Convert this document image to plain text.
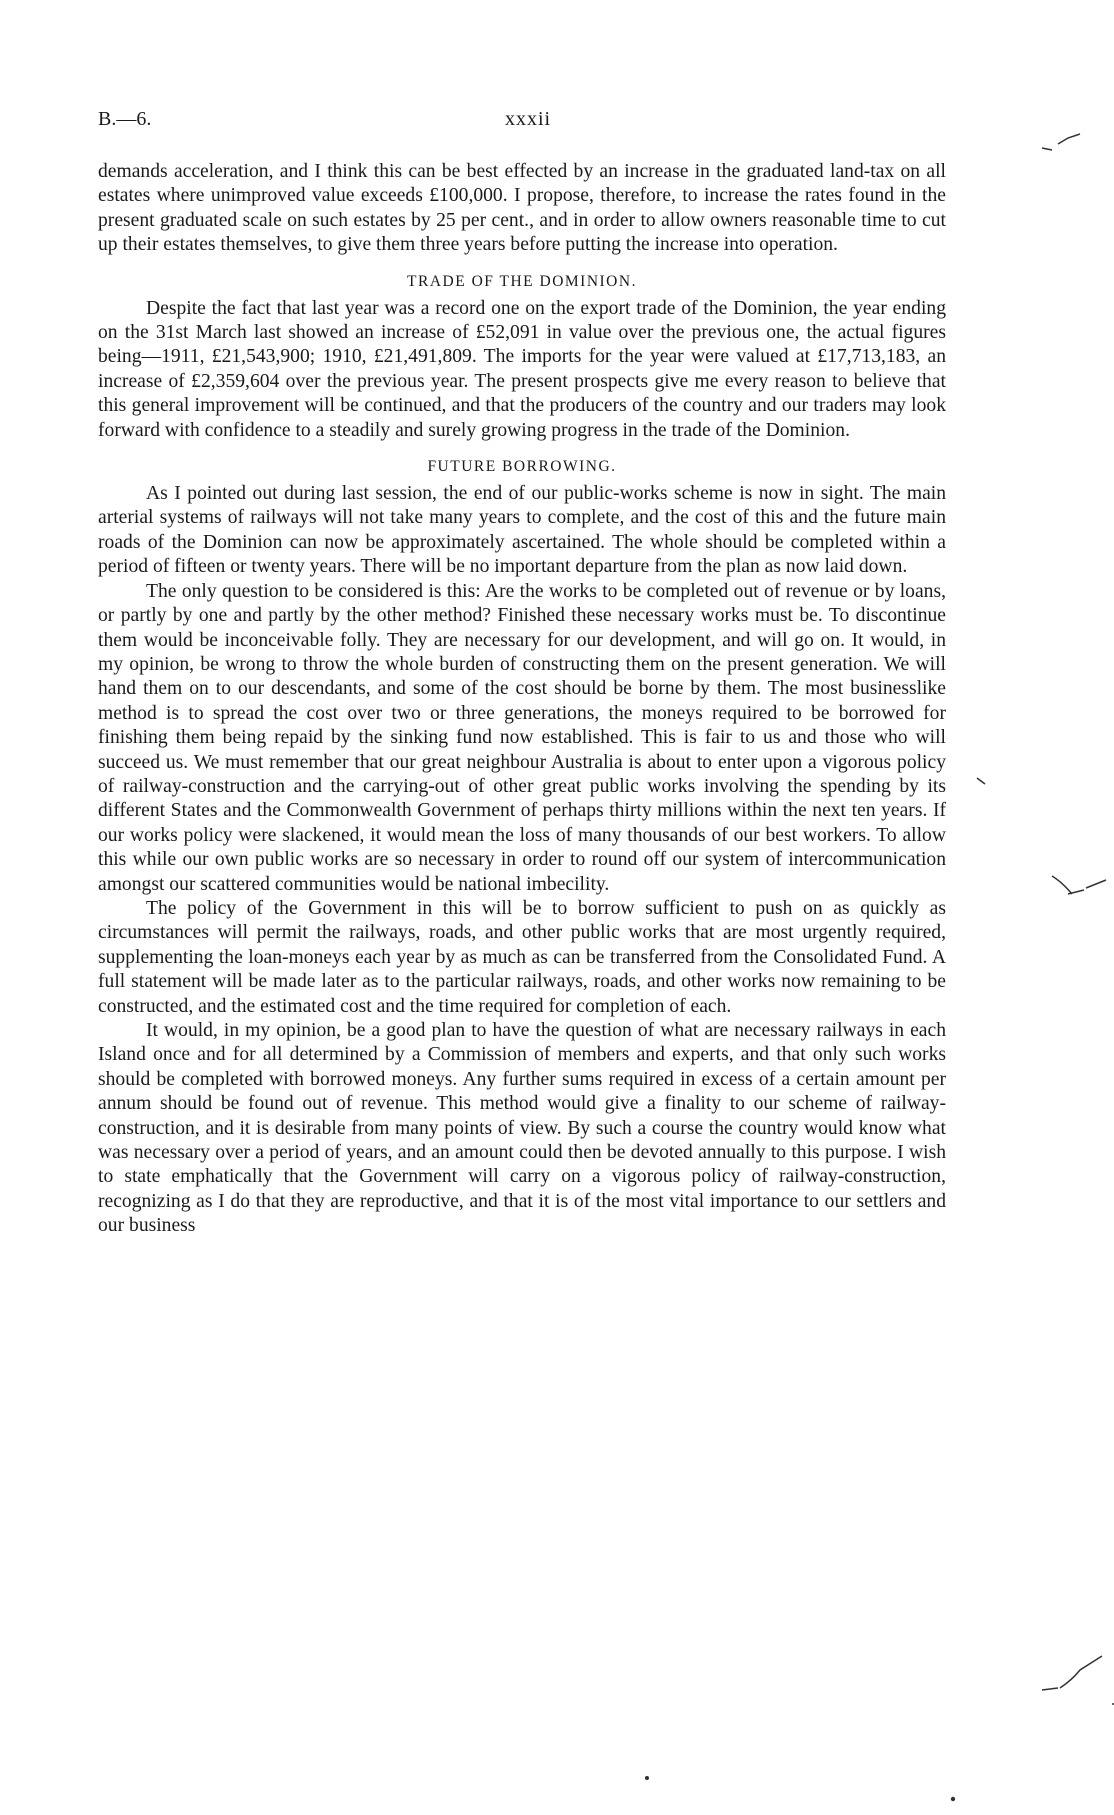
B.—6.	xxxii

demands acceleration, and I think this can be best effected by an increase in the graduated land-tax on all estates where unimproved value exceeds £100,000. I propose, therefore, to increase the rates found in the present graduated scale on such estates by 25 per cent., and in order to allow owners reasonable time to cut up their estates themselves, to give them three years before putting the increase into operation.

TRADE OF THE DOMINION.

Despite the fact that last year was a record one on the export trade of the Dominion, the year ending on the 31st March last showed an increase of £52,091 in value over the previous one, the actual figures being—1911, £21,543,900; 1910, £21,491,809. The imports for the year were valued at £17,713,183, an increase of £2,359,604 over the previous year. The present prospects give me every reason to believe that this general improvement will be continued, and that the producers of the country and our traders may look forward with confidence to a steadily and surely growing progress in the trade of the Dominion.

FUTURE BORROWING.

As I pointed out during last session, the end of our public-works scheme is now in sight. The main arterial systems of railways will not take many years to complete, and the cost of this and the future main roads of the Dominion can now be approximately ascertained. The whole should be completed within a period of fifteen or twenty years. There will be no important departure from the plan as now laid down.

The only question to be considered is this: Are the works to be completed out of revenue or by loans, or partly by one and partly by the other method? Finished these necessary works must be. To discontinue them would be inconceivable folly. They are necessary for our development, and will go on. It would, in my opinion, be wrong to throw the whole burden of constructing them on the present generation. We will hand them on to our descendants, and some of the cost should be borne by them. The most businesslike method is to spread the cost over two or three generations, the moneys required to be borrowed for finishing them being repaid by the sinking fund now established. This is fair to us and those who will succeed us. We must remember that our great neighbour Australia is about to enter upon a vigorous policy of railway-construction and the carrying-out of other great public works involving the spending by its different States and the Commonwealth Government of perhaps thirty millions within the next ten years. If our works policy were slackened, it would mean the loss of many thousands of our best workers. To allow this while our own public works are so necessary in order to round off our system of intercommunication amongst our scattered communities would be national imbecility.

The policy of the Government in this will be to borrow sufficient to push on as quickly as circumstances will permit the railways, roads, and other public works that are most urgently required, supplementing the loan-moneys each year by as much as can be transferred from the Consolidated Fund. A full statement will be made later as to the particular railways, roads, and other works now remaining to be constructed, and the estimated cost and the time required for completion of each.

It would, in my opinion, be a good plan to have the question of what are necessary railways in each Island once and for all determined by a Commission of members and experts, and that only such works should be completed with borrowed moneys. Any further sums required in excess of a certain amount per annum should be found out of revenue. This method would give a finality to our scheme of railway-construction, and it is desirable from many points of view. By such a course the country would know what was necessary over a period of years, and an amount could then be devoted annually to this purpose. I wish to state emphatically that the Government will carry on a vigorous policy of railway-construction, recognizing as I do that they are reproductive, and that it is of the most vital importance to our settlers and our business
